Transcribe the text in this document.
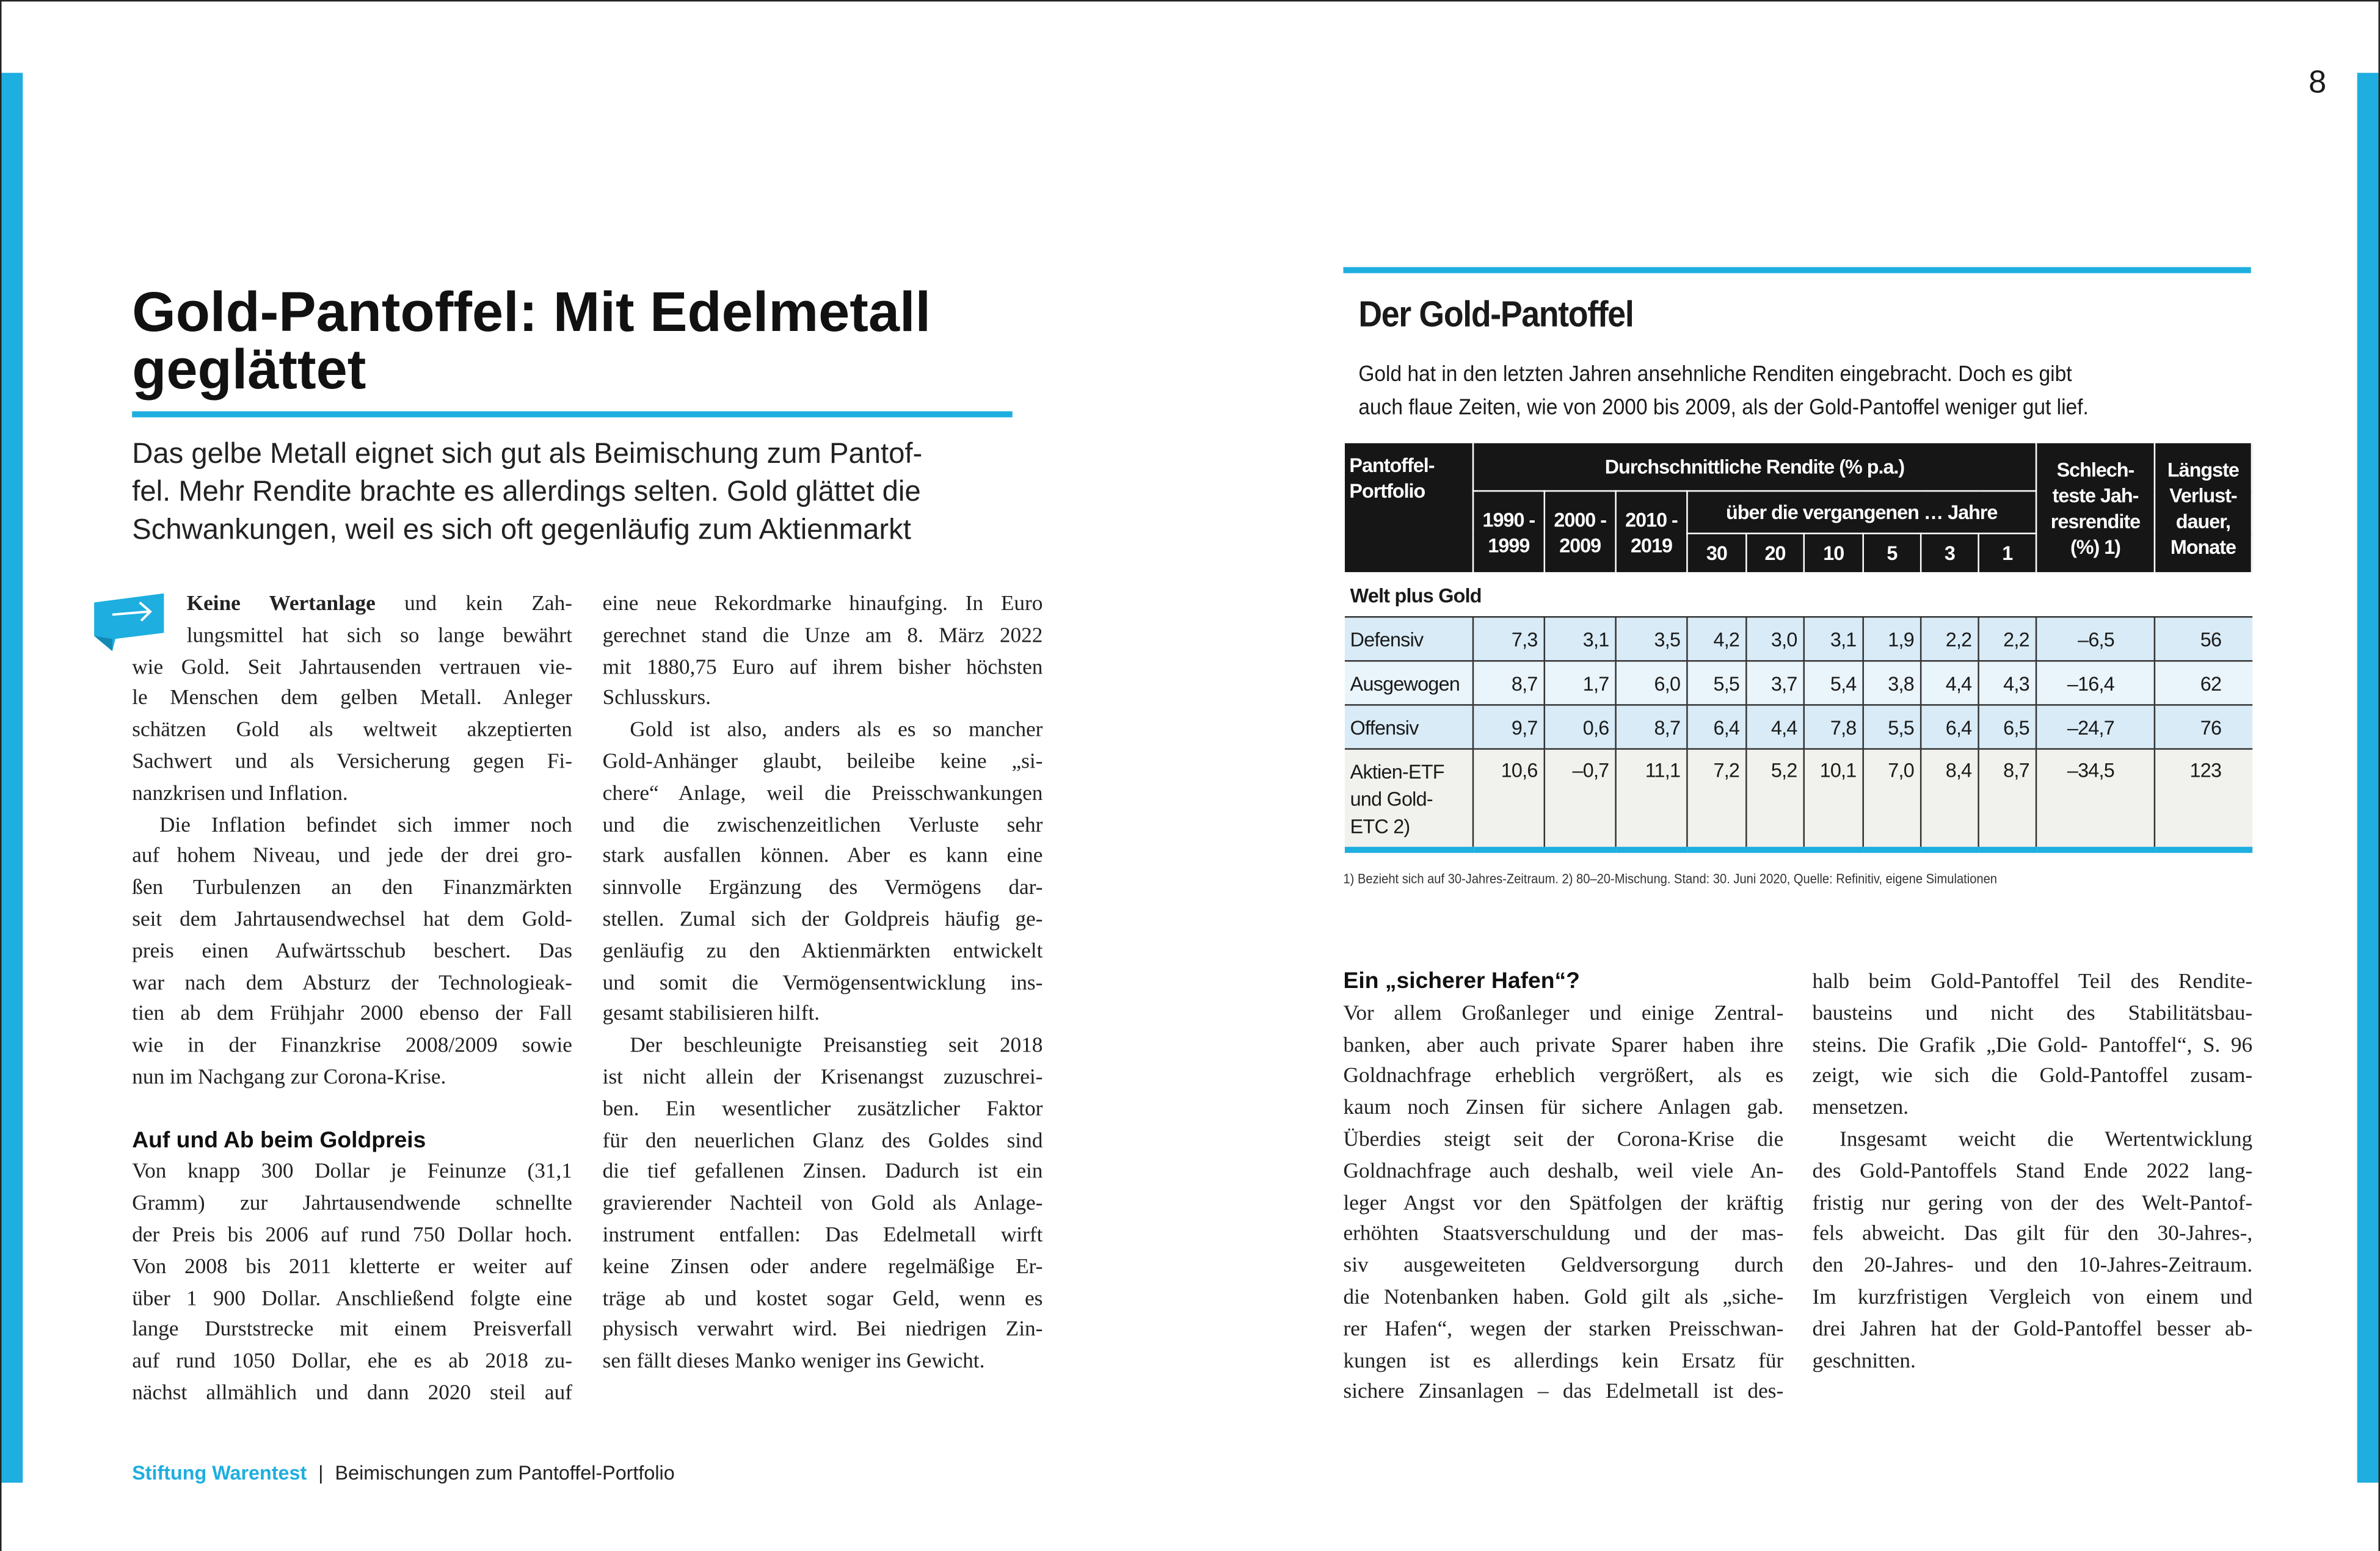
8
Gold-Pantoffel: Mit Edelmetall geglättet
Das gelbe Metall eignet sich gut als Beimischung zum Pantof-
fel. Mehr Rendite brachte es allerdings selten. Gold glättet die
Schwankungen, weil es sich oft gegenläufig zum Aktienmarkt
Keine Wertanlage und kein Zah-
lungsmittel hat sich so lange bewährt
wie Gold. Seit Jahrtausenden vertrauen vie-
le Menschen dem gelben Metall. Anleger
schätzen Gold als weltweit akzeptierten
Sachwert und als Versicherung gegen Fi-
nanzkrisen und Inflation.
Die Inflation befindet sich immer noch
auf hohem Niveau, und jede der drei gro-
ßen Turbulenzen an den Finanzmärkten
seit dem Jahrtausendwechsel hat dem Gold-
preis einen Aufwärtsschub beschert. Das
war nach dem Absturz der Technologieak-
tien ab dem Frühjahr 2000 ebenso der Fall
wie in der Finanzkrise 2008/2009 sowie
nun im Nachgang zur Corona-Krise.
Auf und Ab beim Goldpreis
Von knapp 300 Dollar je Feinunze (31,1
Gramm) zur Jahrtausendwende schnellte
der Preis bis 2006 auf rund 750 Dollar hoch.
Von 2008 bis 2011 kletterte er weiter auf
über 1 900 Dollar. Anschließend folgte eine
lange Durststrecke mit einem Preisverfall
auf rund 1050 Dollar, ehe es ab 2018 zu-
nächst allmählich und dann 2020 steil auf
eine neue Rekordmarke hinaufging. In Euro
gerechnet stand die Unze am 8. März 2022
mit 1880,75 Euro auf ihrem bisher höchsten
Schlusskurs.
Gold ist also, anders als es so mancher
Gold-Anhänger glaubt, beileibe keine „si-
chere“ Anlage, weil die Preisschwankungen
und die zwischenzeitlichen Verluste sehr
stark ausfallen können. Aber es kann eine
sinnvolle Ergänzung des Vermögens dar-
stellen. Zumal sich der Goldpreis häufig ge-
genläufig zu den Aktienmärkten entwickelt
und somit die Vermögensentwicklung ins-
gesamt stabilisieren hilft.
Der beschleunigte Preisanstieg seit 2018
ist nicht allein der Krisenangst zuzuschrei-
ben. Ein wesentlicher zusätzlicher Faktor
für den neuerlichen Glanz des Goldes sind
die tief gefallenen Zinsen. Dadurch ist ein
gravierender Nachteil von Gold als Anlage-
instrument entfallen: Das Edelmetall wirft
keine Zinsen oder andere regelmäßige Er-
träge ab und kostet sogar Geld, wenn es
physisch verwahrt wird. Bei niedrigen Zin-
sen fällt dieses Manko weniger ins Gewicht.
Ein „sicherer Hafen“?
Vor allem Großanleger und einige Zentral-
banken, aber auch private Sparer haben ihre
Goldnachfrage erheblich vergrößert, als es
kaum noch Zinsen für sichere Anlagen gab.
Überdies steigt seit der Corona-Krise die
Goldnachfrage auch deshalb, weil viele An-
leger Angst vor den Spätfolgen der kräftig
erhöhten Staatsverschuldung und der mas-
siv ausgeweiteten Geldversorgung durch
die Notenbanken haben. Gold gilt als „siche-
rer Hafen“, wegen der starken Preisschwan-
kungen ist es allerdings kein Ersatz für
sichere Zinsanlagen – das Edelmetall ist des-
halb beim Gold-Pantoffel Teil des Rendite-
bausteins und nicht des Stabilitätsbau-
steins. Die Grafik „Die Gold- Pantoffel“, S. 96
zeigt, wie sich die Gold-Pantoffel zusam-
mensetzen.
Insgesamt weicht die Wertentwicklung
des Gold-Pantoffels Stand Ende 2022 lang-
fristig nur gering von der des Welt-Pantof-
fels abweicht. Das gilt für den 30-Jahres-,
den 20-Jahres- und den 10-Jahres-Zeitraum.
Im kurzfristigen Vergleich von einem und
drei Jahren hat der Gold-Pantoffel besser ab-
geschnitten.
Der Gold-Pantoffel
Gold hat in den letzten Jahren ansehnliche Renditen eingebracht. Doch es gibt
auch flaue Zeiten, wie von 2000 bis 2009, als der Gold-Pantoffel weniger gut lief.
Pantoffel-Portfolio	Durchschnittliche Rendite (% p.a.)									Schlech-teste Jah-resrendite (%) 1)	Längste Verlust-dauer, Monate
	1990 - 1999	2000 - 2009	2010 - 2019	über die vergangenen … Jahre							
				30	20	10	5	3	1		
Welt plus Gold											
Defensiv	7,3	3,1	3,5	4,2	3,0	3,1	1,9	2,2	2,2	–6,5	56
Ausgewogen	8,7	1,7	6,0	5,5	3,7	5,4	3,8	4,4	4,3	–16,4	62
Offensiv	9,7	0,6	8,7	6,4	4,4	7,8	5,5	6,4	6,5	–24,7	76
Aktien-ETF und Gold-ETC 2)	10,6	–0,7	11,1	7,2	5,2	10,1	7,0	8,4	8,7	–34,5	123
1) Bezieht sich auf 30-Jahres-Zeitraum. 2) 80–20-Mischung. Stand: 30. Juni 2020, Quelle: Refinitiv, eigene Simulationen
Stiftung Warentest | Beimischungen zum Pantoffel-Portfolio
